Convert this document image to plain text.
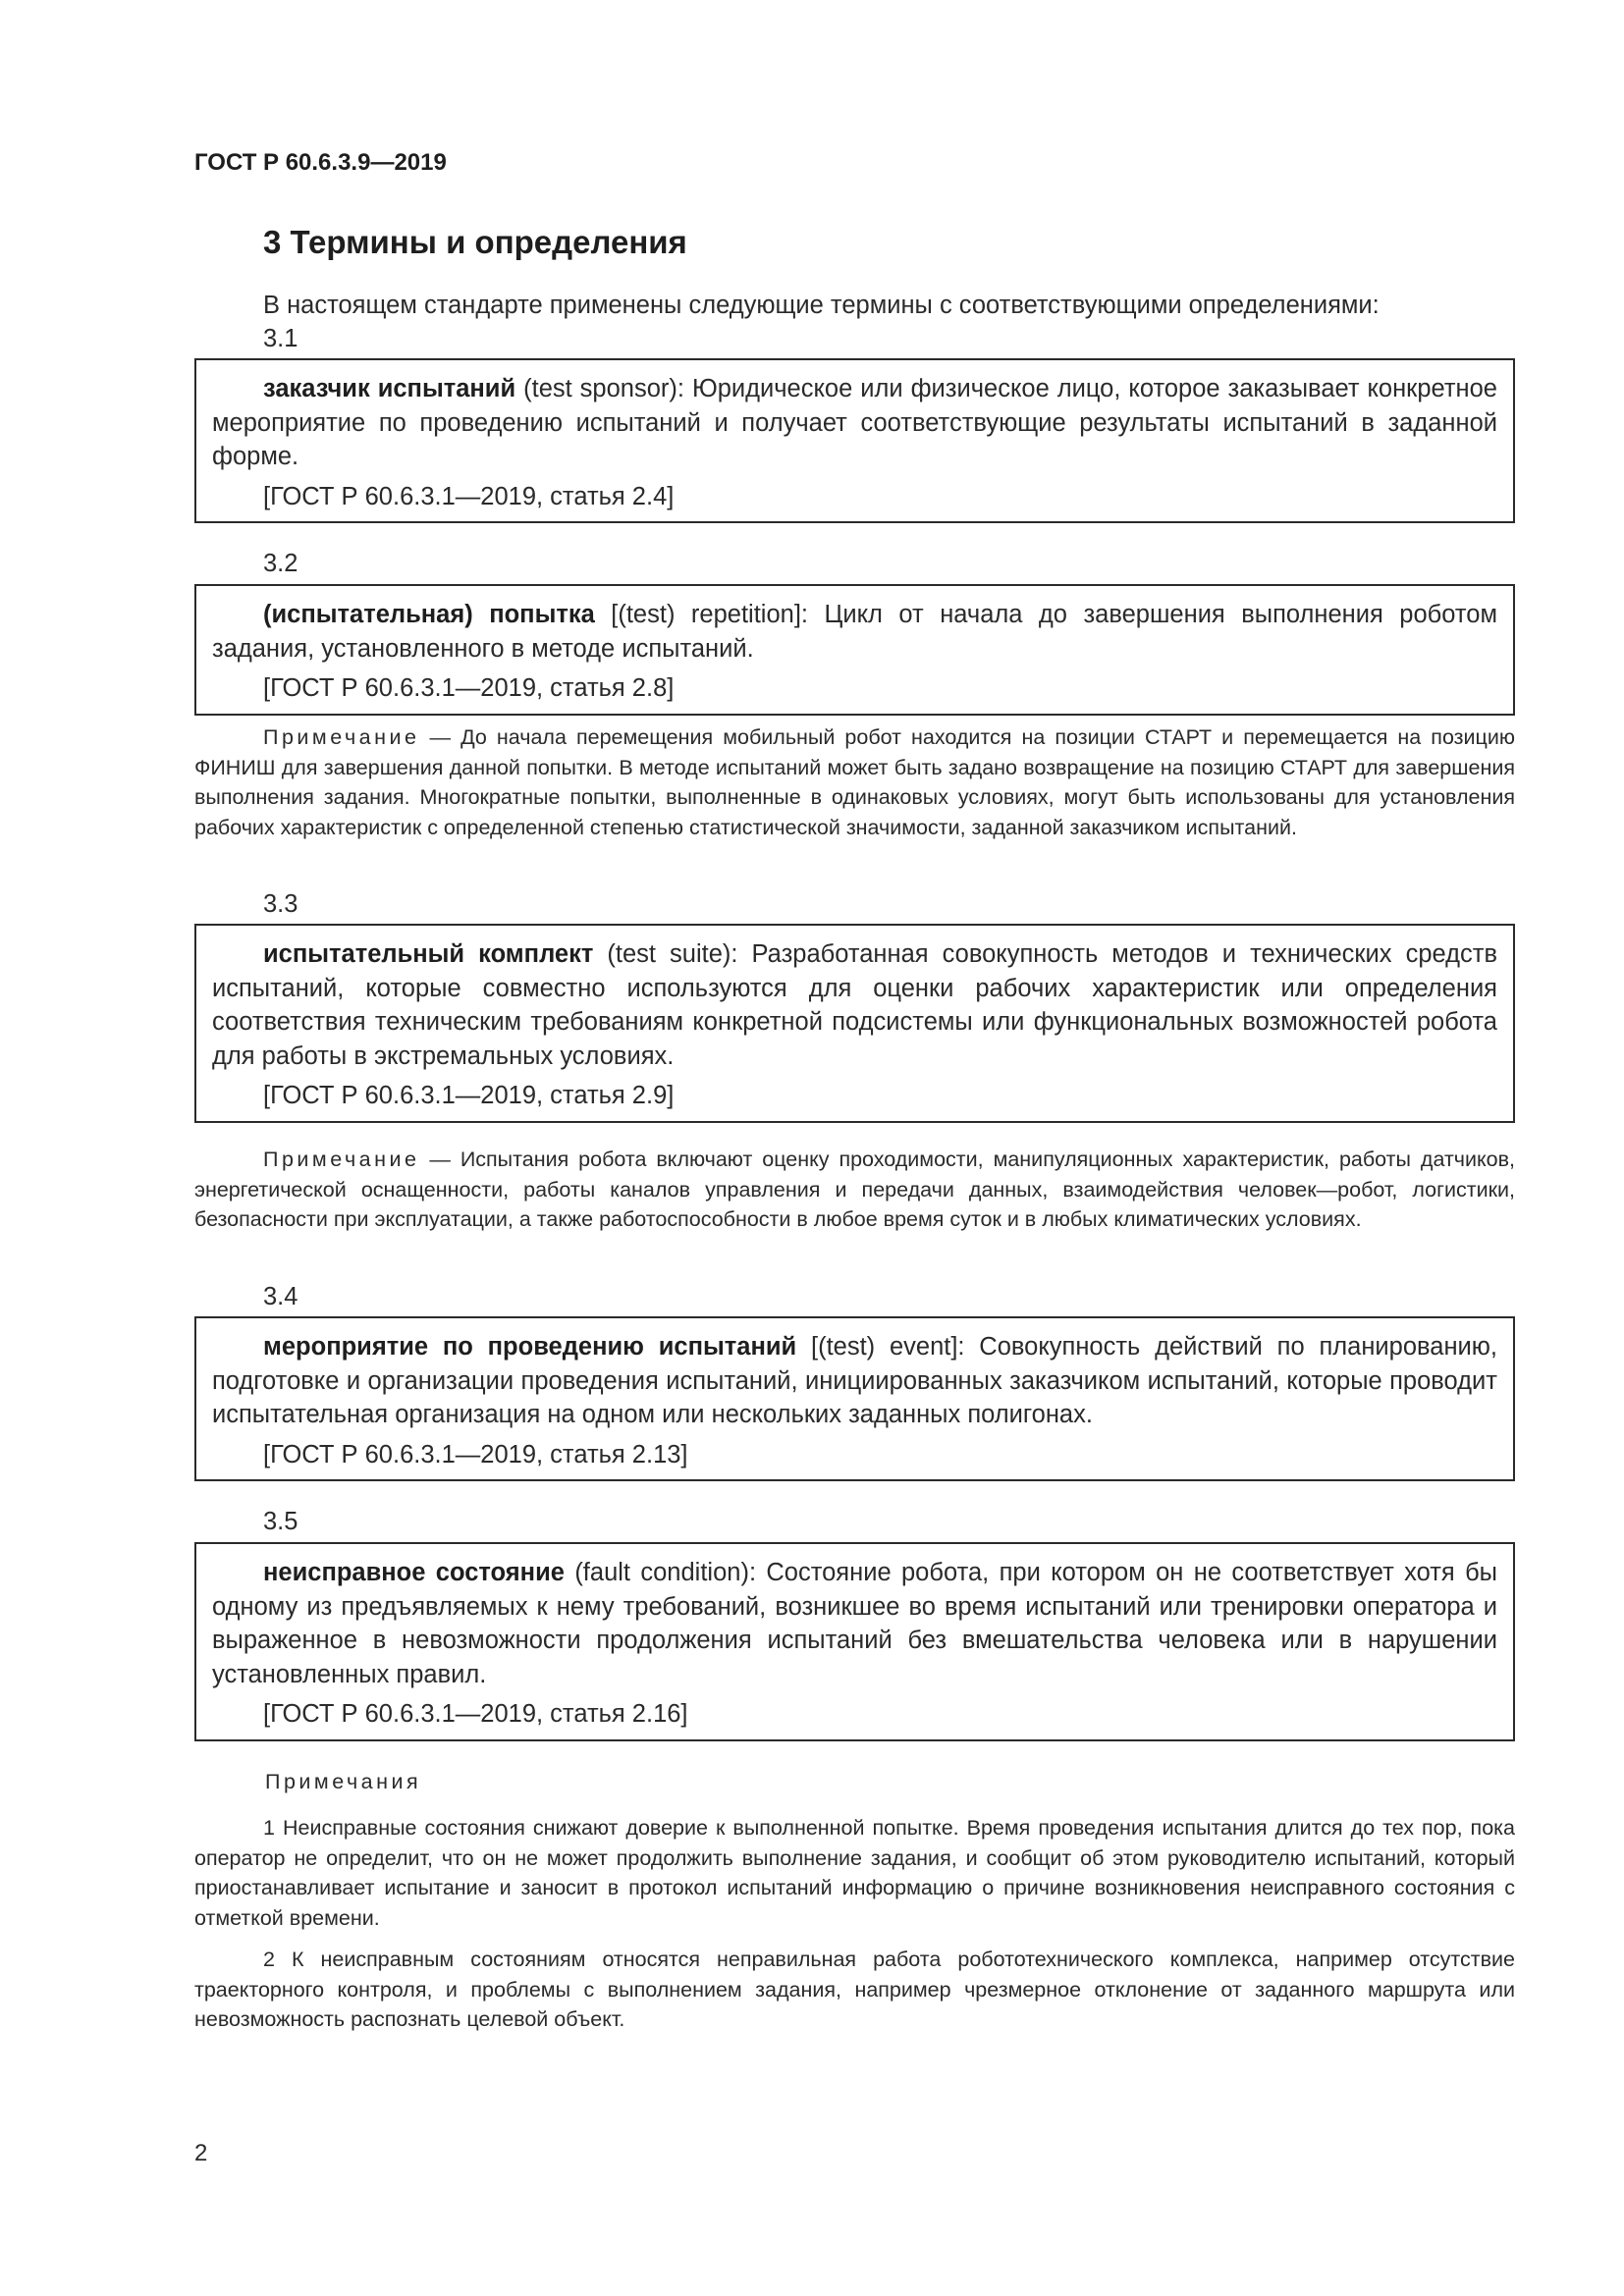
ГОСТ Р 60.6.3.9—2019
3 Термины и определения
В настоящем стандарте применены следующие термины с соответствующими определениями:
3.1

заказчик испытаний (test sponsor): Юридическое или физическое лицо, которое заказывает конкретное мероприятие по проведению испытаний и получает соответствующие результаты испытаний в заданной форме.

[ГОСТ Р 60.6.3.1—2019, статья 2.4]
3.2

(испытательная) попытка [(test) repetition]: Цикл от начала до завершения выполнения роботом задания, установленного в методе испытаний.

[ГОСТ Р 60.6.3.1—2019, статья 2.8]

Примечание — До начала перемещения мобильный робот находится на позиции СТАРТ и перемещается на позицию ФИНИШ для завершения данной попытки. В методе испытаний может быть задано возвращение на позицию СТАРТ для завершения выполнения задания. Многократные попытки, выполненные в одинаковых условиях, могут быть использованы для установления рабочих характеристик с определенной степенью статистической значимости, заданной заказчиком испытаний.

3.3

испытательный комплект (test suite): Разработанная совокупность методов и технических средств испытаний, которые совместно используются для оценки рабочих характеристик или определения соответствия техническим требованиям конкретной подсистемы или функциональных возможностей робота для работы в экстремальных условиях.

[ГОСТ Р 60.6.3.1—2019, статья 2.9]

Примечание — Испытания робота включают оценку проходимости, манипуляционных характеристик, работы датчиков, энергетической оснащенности, работы каналов управления и передачи данных, взаимодействия человек—робот, логистики, безопасности при эксплуатации, а также работоспособности в любое время суток и в любых климатических условиях.

3.4

мероприятие по проведению испытаний [(test) event]: Совокупность действий по планированию, подготовке и организации проведения испытаний, инициированных заказчиком испытаний, которые проводит испытательная организация на одном или нескольких заданных полигонах.

[ГОСТ Р 60.6.3.1—2019, статья 2.13]
3.5

неисправное состояние (fault condition): Состояние робота, при котором он не соответствует хотя бы одному из предъявляемых к нему требований, возникшее во время испытаний или тренировки оператора и выраженное в невозможности продолжения испытаний без вмешательства человека или в нарушении установленных правил.

[ГОСТ Р 60.6.3.1—2019, статья 2.16]
Примечания

1 Неисправные состояния снижают доверие к выполненной попытке. Время проведения испытания длится до тех пор, пока оператор не определит, что он не может продолжить выполнение задания, и сообщит об этом руководителю испытаний, который приостанавливает испытание и заносит в протокол испытаний информацию о причине возникновения неисправного состояния с отметкой времени.

2 К неисправным состояниям относятся неправильная работа робототехнического комплекса, например отсутствие траекторного контроля, и проблемы с выполнением задания, например чрезмерное отклонение от заданного маршрута или невозможность распознать целевой объект.

2
